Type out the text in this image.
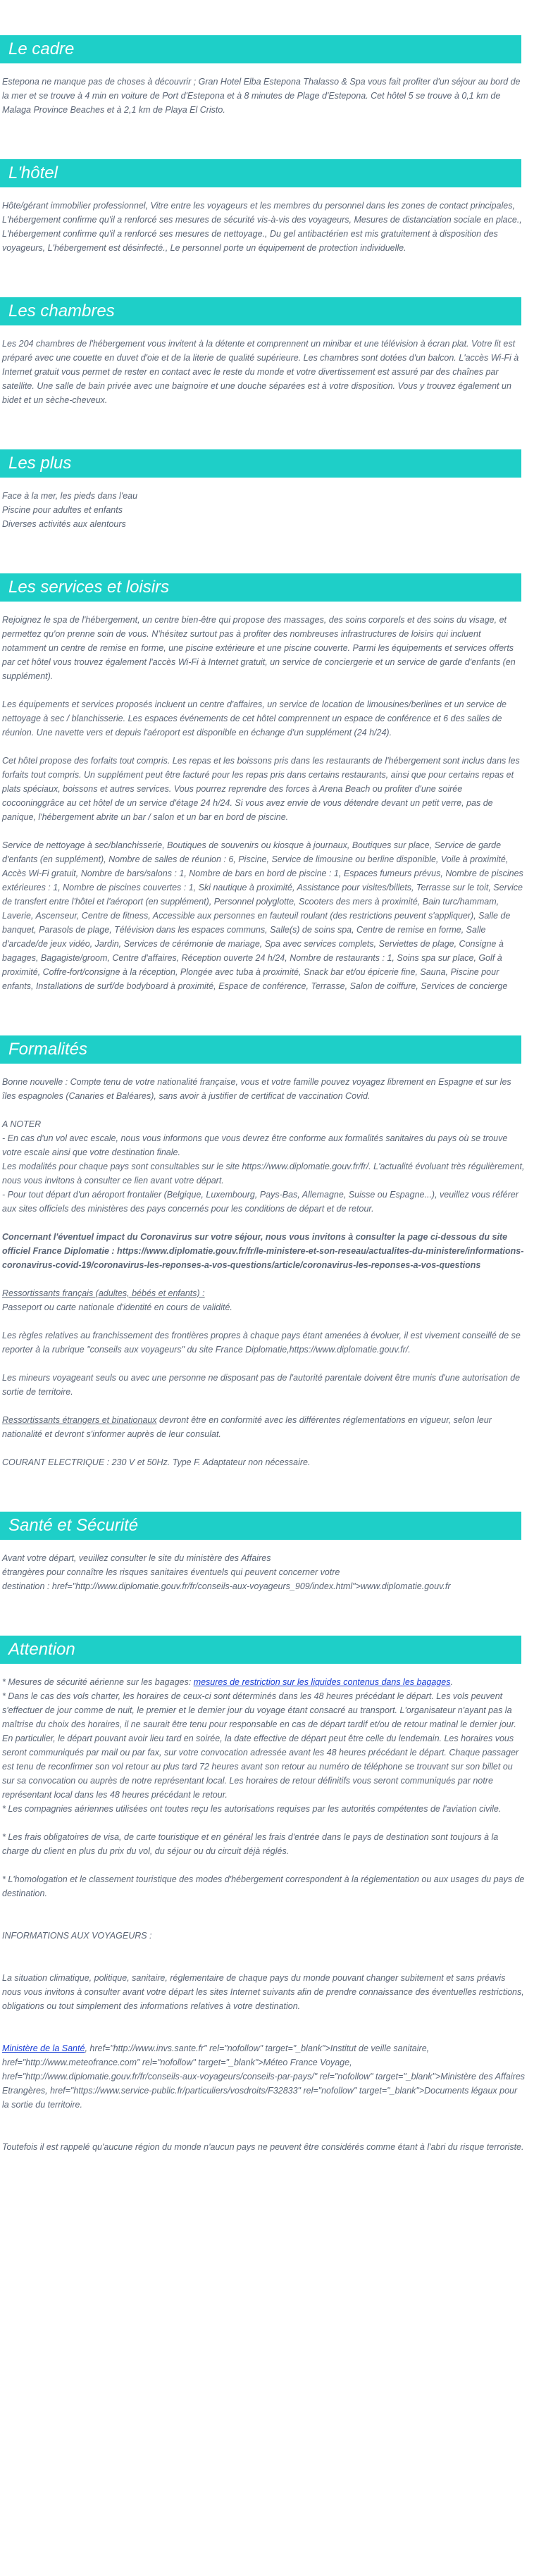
Le cadre

Estepona ne manque pas de choses à découvrir ; Gran Hotel Elba Estepona Thalasso & Spa vous fait profiter d'un séjour au bord de la mer et se trouve à 4 min en voiture de Port d'Estepona et à 8 minutes de Plage d'Estepona. Cet hôtel 5 se trouve à 0,1 km de Malaga Province Beaches et à 2,1 km de Playa El Cristo.

L'hôtel

Hôte/gérant immobilier professionnel, Vitre entre les voyageurs et les membres du personnel dans les zones de contact principales, L'hébergement confirme qu'il a renforcé ses mesures de sécurité vis-à-vis des voyageurs, Mesures de distanciation sociale en place., L'hébergement confirme qu'il a renforcé ses mesures de nettoyage., Du gel antibactérien est mis gratuitement à disposition des voyageurs, L'hébergement est désinfecté., Le personnel porte un équipement de protection individuelle.

Les chambres

Les 204 chambres de l'hébergement vous invitent à la détente et comprennent un minibar et une télévision à écran plat. Votre lit est préparé avec une couette en duvet d'oie et de la literie de qualité supérieure. Les chambres sont dotées d'un balcon. L'accès Wi-Fi à Internet gratuit vous permet de rester en contact avec le reste du monde et votre divertissement est assuré par des chaînes par satellite. Une salle de bain privée avec une baignoire et une douche séparées est à votre disposition. Vous y trouvez également un bidet et un sèche-cheveux.

Les plus
Face à la mer, les pieds dans l'eau
Piscine pour adultes et enfants
Diverses activités aux alentours
Les services et loisirs

Rejoignez le spa de l'hébergement, un centre bien-être qui propose des massages, des soins corporels et des soins du visage, et permettez qu'on prenne soin de vous. N'hésitez surtout pas à profiter des nombreuses infrastructures de loisirs qui incluent notamment un centre de remise en forme, une piscine extérieure et une piscine couverte. Parmi les équipements et services offerts par cet hôtel vous trouvez également l'accès Wi-Fi à Internet gratuit, un service de conciergerie et un service de garde d'enfants (en supplément).

Les équipements et services proposés incluent un centre d'affaires, un service de location de limousines/berlines et un service de nettoyage à sec / blanchisserie. Les espaces événements de cet hôtel comprennent un espace de conférence et 6 des salles de réunion. Une navette vers et depuis l'aéroport est disponible en échange d'un supplément (24 h/24).

Cet hôtel propose des forfaits tout compris. Les repas et les boissons pris dans les restaurants de l'hébergement sont inclus dans les forfaits tout compris. Un supplément peut être facturé pour les repas pris dans certains restaurants, ainsi que pour certains repas et plats spéciaux, boissons et autres services. Vous pourrez reprendre des forces à Arena Beach ou profiter d'une soirée cocooninggrâce au cet hôtel de un service d'étage 24 h/24. Si vous avez envie de vous détendre devant un petit verre, pas de panique, l'hébergement abrite un bar / salon et un bar en bord de piscine.

Service de nettoyage à sec/blanchisserie, Boutiques de souvenirs ou kiosque à journaux, Boutiques sur place, Service de garde d'enfants (en supplément), Nombre de salles de réunion : 6, Piscine, Service de limousine ou berline disponible, Voile à proximité, Accès Wi-Fi gratuit, Nombre de bars/salons : 1, Nombre de bars en bord de piscine : 1, Espaces fumeurs prévus, Nombre de piscines extérieures : 1, Nombre de piscines couvertes : 1, Ski nautique à proximité, Assistance pour visites/billets, Terrasse sur le toit, Service de transfert entre l'hôtel et l'aéroport (en supplément), Personnel polyglotte, Scooters des mers à proximité, Bain turc/hammam, Laverie, Ascenseur, Centre de fitness, Accessible aux personnes en fauteuil roulant (des restrictions peuvent s'appliquer), Salle de banquet, Parasols de plage, Télévision dans les espaces communs, Salle(s) de soins spa, Centre de remise en forme, Salle d'arcade/de jeux vidéo, Jardin, Services de cérémonie de mariage, Spa avec services complets, Serviettes de plage, Consigne à bagages, Bagagiste/groom, Centre d'affaires, Réception ouverte 24 h/24, Nombre de restaurants : 1, Soins spa sur place, Golf à proximité, Coffre-fort/consigne à la réception, Plongée avec tuba à proximité, Snack bar et/ou épicerie fine, Sauna, Piscine pour enfants, Installations de surf/de bodyboard à proximité, Espace de conférence, Terrasse, Salon de coiffure, Services de concierge

Formalités

Bonne nouvelle : Compte tenu de votre nationalité française, vous et votre famille pouvez voyagez librement en Espagne et sur les îles espagnoles (Canaries et Baléares), sans avoir à justifier de certificat de vaccination Covid.

A NOTER
- En cas d'un vol avec escale, nous vous informons que vous devrez être conforme aux formalités sanitaires du pays où se trouve votre escale ainsi que votre destination finale.
Les modalités pour chaque pays sont consultables sur le site https://www.diplomatie.gouv.fr/fr/. L'actualité évoluant très régulièrement, nous vous invitons à consulter ce lien avant votre départ.
- Pour tout départ d'un aéroport frontalier (Belgique, Luxembourg, Pays-Bas, Allemagne, Suisse ou Espagne...), veuillez vous référer aux sites officiels des ministères des pays concernés pour les conditions de départ et de retour.

Concernant l'éventuel impact du Coronavirus sur votre séjour, nous vous invitons à consulter la page ci-dessous du site officiel France Diplomatie : https://www.diplomatie.gouv.fr/fr/le-ministere-et-son-reseau/actualites-du-ministere/informations-coronavirus-covid-19/coronavirus-les-reponses-a-vos-questions/article/coronavirus-les-reponses-a-vos-questions

Ressortissants français (adultes, bébés et enfants) :
Passeport ou carte nationale d'identité en cours de validité.

Les règles relatives au franchissement des frontières propres à chaque pays étant amenées à évoluer, il est vivement conseillé de se reporter à la rubrique "conseils aux voyageurs" du site France Diplomatie,https://www.diplomatie.gouv.fr/.

Les mineurs voyageant seuls ou avec une personne ne disposant pas de l'autorité parentale doivent être munis d'une autorisation de sortie de territoire.

Ressortissants étrangers et binationaux devront être en conformité avec les différentes réglementations en vigueur, selon leur nationalité et devront s'informer auprès de leur consulat.

COURANT ELECTRIQUE : 230 V et 50Hz. Type F. Adaptateur non nécessaire.

Santé et Sécurité
Avant votre départ, veuillez consulter le site du ministère des Affaires
étrangères pour connaître les risques sanitaires éventuels qui peuvent concerner votre
destination : href="http://www.diplomatie.gouv.fr/fr/conseils-aux-voyageurs_909/index.html">www.diplomatie.gouv.fr
Attention
* Mesures de sécurité aérienne sur les bagages: mesures de restriction sur les liquides contenus dans les bagages.
* Dans le cas des vols charter, les horaires de ceux-ci sont déterminés dans les 48 heures précédant le départ. Les vols peuvent s'effectuer de jour comme de nuit, le premier et le dernier jour du voyage étant consacré au transport. L'organisateur n'ayant pas la maîtrise du choix des horaires, il ne saurait être tenu pour responsable en cas de départ tardif et/ou de retour matinal le dernier jour. En particulier, le départ pouvant avoir lieu tard en soirée, la date effective de départ peut être celle du lendemain. Les horaires vous seront communiqués par mail ou par fax, sur votre convocation adressée avant les 48 heures précédant le départ. Chaque passager est tenu de reconfirmer son vol retour au plus tard 72 heures avant son retour au numéro de téléphone se trouvant sur son billet ou sur sa convocation ou auprès de notre représentant local. Les horaires de retour définitifs vous seront communiqués par notre représentant local dans les 48 heures précédant le retour.
* Les compagnies aériennes utilisées ont toutes reçu les autorisations requises par les autorités compétentes de l'aviation civile.
* Les frais obligatoires de visa, de carte touristique et en général les frais d'entrée dans le pays de destination sont toujours à la charge du client en plus du prix du vol, du séjour ou du circuit déjà réglés.
* L'homologation et le classement touristique des modes d'hébergement correspondent à la réglementation ou aux usages du pays de destination.
INFORMATIONS AUX VOYAGEURS :
La situation climatique, politique, sanitaire, réglementaire de chaque pays du monde pouvant changer subitement et sans préavis nous vous invitons à consulter avant votre départ les sites Internet suivants afin de prendre connaissance des éventuelles restrictions, obligations ou tout simplement des informations relatives à votre destination.
Ministère de la Santé, href="http://www.invs.sante.fr" rel="nofollow" target="_blank">Institut de veille sanitaire, href="http://www.meteofrance.com" rel="nofollow" target="_blank">Méteo France Voyage, href="http://www.diplomatie.gouv.fr/fr/conseils-aux-voyageurs/conseils-par-pays/" rel="nofollow" target="_blank">Ministère des Affaires Etrangères, href="https://www.service-public.fr/particuliers/vosdroits/F32833" rel="nofollow" target="_blank">Documents légaux pour la sortie du territoire.
Toutefois il est rappelé qu'aucune région du monde n'aucun pays ne peuvent être considérés comme étant à l'abri du risque terroriste.
